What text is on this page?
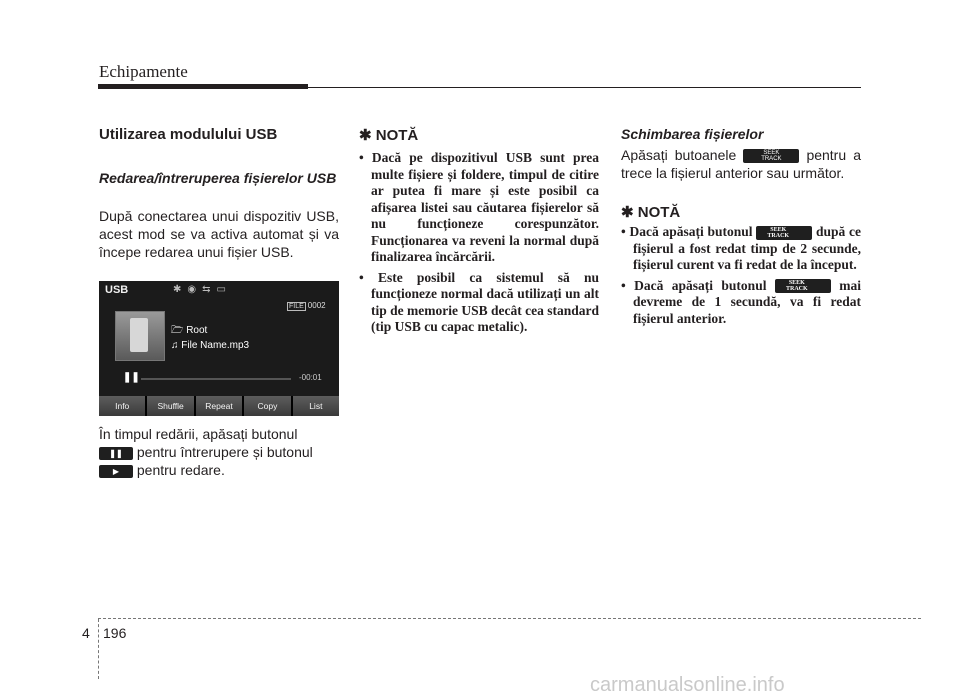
Echipamente
Utilizarea modulului USB
Redarea/întreruperea fișierelor USB
După conectarea unui dispozitiv USB, acest mod se va activa automat și va începe redarea unui fișier USB.
USB	✱◉⇆▭
FILE 0002
🗁 Root
♫ File Name.mp3
❚❚	-00:01
Info	Shuffle	Repeat	Copy	List
În timpul redării, apăsați butonul
❚❚ pentru întrerupere și butonul
▶ pentru redare.
✱ NOTĂ
• Dacă pe dispozitivul USB sunt prea multe fișiere și foldere, timpul de citire ar putea fi mare și este posibil ca afișarea listei sau căutarea fișierelor să nu funcționeze corespunzător. Funcționarea va reveni la normal după finalizarea încărcării.
• Este posibil ca sistemul să nu funcționeze normal dacă utilizați un alt tip de memorie USB decât cea standard (tip USB cu capac metalic).
Schimbarea fișierelor
Apăsați butoanele	SEEK
TRACK	pentru a trece la fișierul anterior sau următor.
✱ NOTĂ
• Dacă apăsați butonul	SEEK
TRACK	după ce fișierul a fost redat timp de 2 secunde, fișierul curent va fi redat de la început.
• Dacă apăsați butonul	SEEK
TRACK	mai devreme de 1 secundă, va fi redat fișierul anterior.
4 196
carmanualsonline.info
